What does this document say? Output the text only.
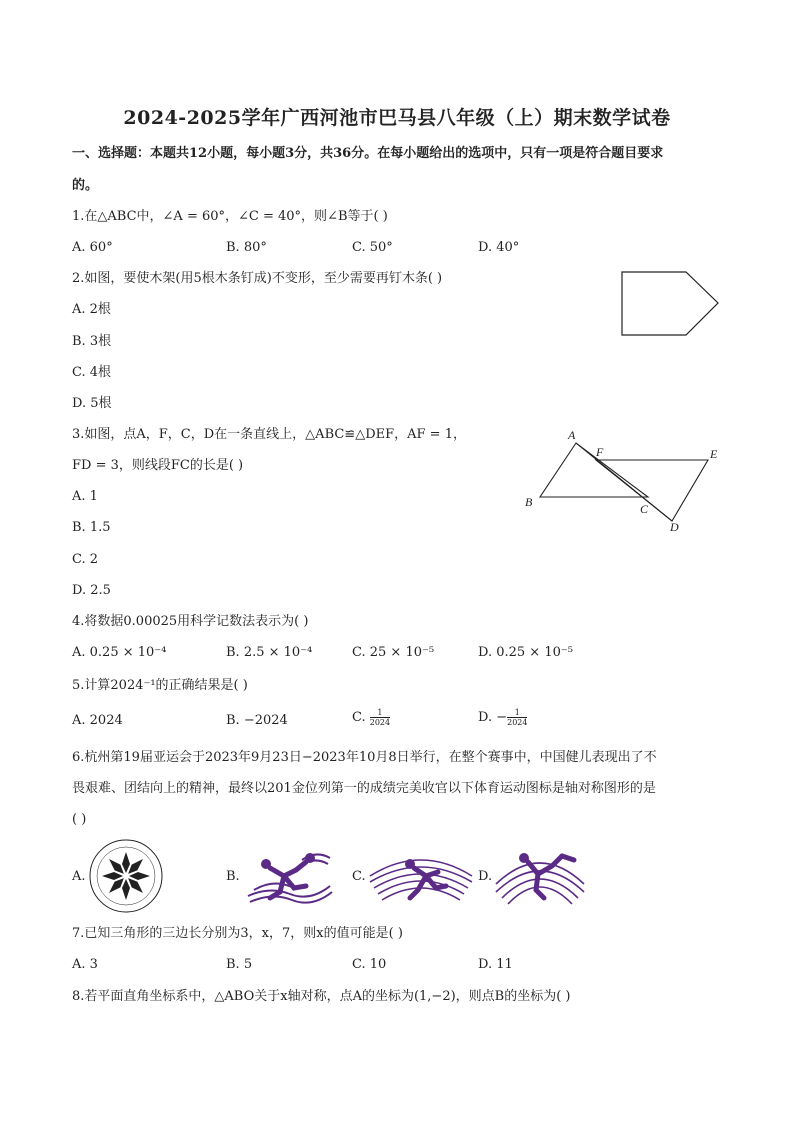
2024-2025学年广西河池市巴马县八年级（上）期末数学试卷
一、选择题：本题共12小题，每小题3分，共36分。在每小题给出的选项中，只有一项是符合题目要求
的。
1.在△ABC中，∠A = 60°，∠C = 40°，则∠B等于( )
A. 60°	B. 80°	C. 50°	D. 40°
2.如图，要使木架(用5根木条钉成)不变形，至少需要再钉木条( )
A. 2根
B. 3根
C. 4根
D. 5根
3.如图，点A，F，C，D在一条直线上，△ABC≌△DEF，AF = 1，
FD = 3，则线段FC的长是( )
A. 1
B. 1.5
C. 2
D. 2.5
A
F	E
B	C
D
4.将数据0.00025用科学记数法表示为( )
A. 0.25 × 10⁻⁴	B. 2.5 × 10⁻⁴	C. 25 × 10⁻⁵	D. 0.25 × 10⁻⁵
5.计算2024⁻¹的正确结果是( )
A. 2024	B. −2024	C. $\frac{1}{2024}$	D. − $\frac{1}{2024}$
6.杭州第19届亚运会于2023年9月23日−2023年10月8日举行，在整个赛事中，中国健儿表现出了不
畏艰难、团结向上的精神，最终以201金位列第一的成绩完美收官以下体育运动图标是轴对称图形的是
( )
A.	B.	C.	D.
7.已知三角形的三边长分别为3，x，7，则x的值可能是( )
A. 3	B. 5	C. 10	D. 11
8.若平面直角坐标系中，△ABO关于x轴对称，点A的坐标为(1,−2)，则点B的坐标为( )
